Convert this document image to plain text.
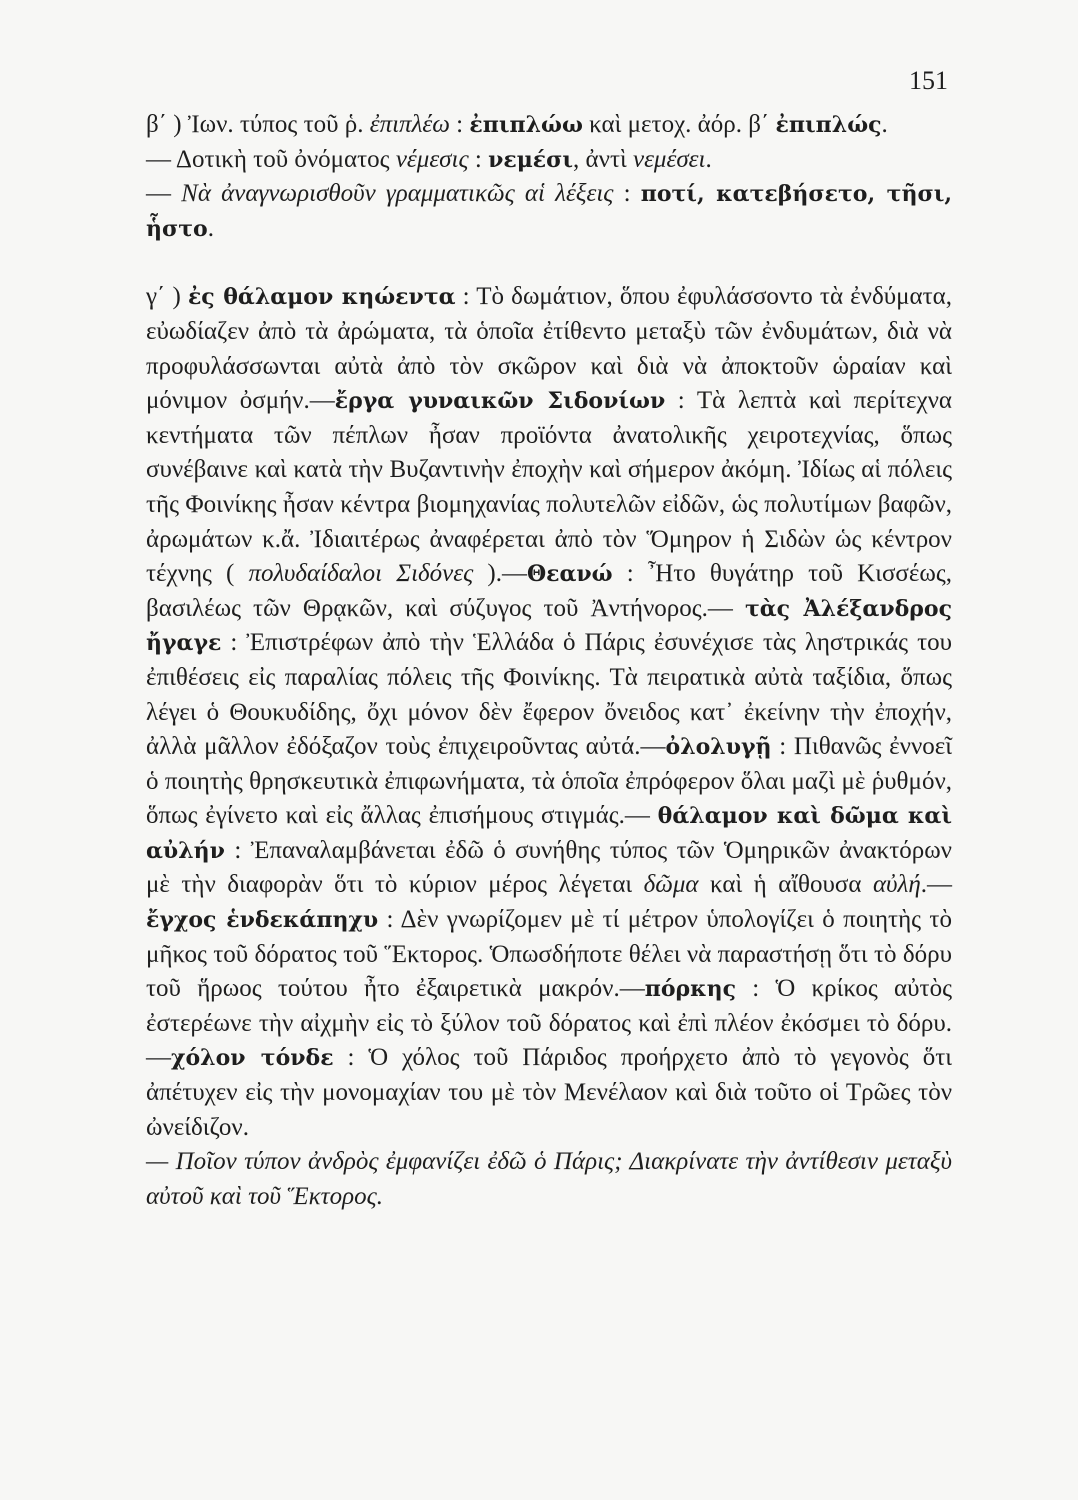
151

β΄ ) Ἰων. τύπος τοῦ ῥ. ἐπιπλέω : ἐπιπλώω καὶ μετοχ. ἀόρ. β΄ ἐπιπλώς.

— Δοτικὴ τοῦ ὀνόματος νέμεσις : νεμέσι, ἀντὶ νεμέσει.

— Νὰ ἀναγνωρισθοῦν γραμματικῶς αἱ λέξεις : ποτί, κατεβήσετο, τῆσι, ἧστο.

γ΄ ) ἐς θάλαμον κηώεντα : Τὸ δωμάτιον, ὅπου ἐφυλάσσοντο τὰ ἐνδύματα, εὐωδίαζεν ἀπὸ τὰ ἀρώματα, τὰ ὁποῖα ἐτίθεντο μεταξὺ τῶν ἐνδυμάτων, διὰ νὰ προφυλάσσωνται αὐτὰ ἀπὸ τὸν σκῶρον καὶ διὰ νὰ ἀποκτοῦν ὡραίαν καὶ μόνιμον ὀσμήν.—ἔργα γυναικῶν Σιδονίων : Τὰ λεπτὰ καὶ περίτεχνα κεντήματα τῶν πέπλων ἦσαν προϊόντα ἀνατολικῆς χειροτεχνίας, ὅπως συνέβαινε καὶ κατὰ τὴν Βυζαντινὴν ἐποχὴν καὶ σήμερον ἀκόμη. Ἰδίως αἱ πόλεις τῆς Φοινίκης ἦσαν κέντρα βιομηχανίας πολυτελῶν εἰδῶν, ὡς πολυτίμων βαφῶν, ἀρωμάτων κ.ἄ. Ἰδιαιτέρως ἀναφέρεται ἀπὸ τὸν Ὅμηρον ἡ Σιδὼν ὡς κέντρον τέχνης ( πολυδαίδαλοι Σιδόνες ).—Θεανώ : Ἦτο θυγάτηρ τοῦ Κισσέως, βασιλέως τῶν Θρᾳκῶν, καὶ σύζυγος τοῦ Ἀντήνορος.— τὰς Ἀλέξανδρος ἤγαγε : Ἐπιστρέφων ἀπὸ τὴν Ἑλλάδα ὁ Πάρις ἐσυνέχισε τὰς ληστρικάς του ἐπιθέσεις εἰς παραλίας πόλεις τῆς Φοινίκης. Τὰ πειρατικὰ αὐτὰ ταξίδια, ὅπως λέγει ὁ Θουκυδίδης, ὄχι μόνον δὲν ἔφερον ὄνειδος κατ᾽ ἐκείνην τὴν ἐποχήν, ἀλλὰ μᾶλλον ἐδόξαζον τοὺς ἐπιχειροῦντας αὐτά.—ὀλολυγῇ : Πιθανῶς ἐννοεῖ ὁ ποιητὴς θρησκευτικὰ ἐπιφωνήματα, τὰ ὁποῖα ἐπρόφερον ὅλαι μαζὶ μὲ ῥυθμόν, ὅπως ἐγίνετο καὶ εἰς ἄλλας ἐπισήμους στιγμάς.— θάλαμον καὶ δῶμα καὶ αὐλήν : Ἐπαναλαμβάνεται ἐδῶ ὁ συνήθης τύπος τῶν Ὁμηρικῶν ἀνακτόρων μὲ τὴν διαφορὰν ὅτι τὸ κύριον μέρος λέγεται δῶμα καὶ ἡ αἴθουσα αὐλή.—ἔγχος ἑνδεκάπηχυ : Δὲν γνωρίζομεν μὲ τί μέτρον ὑπολογίζει ὁ ποιητὴς τὸ μῆκος τοῦ δόρατος τοῦ Ἕκτορος. Ὁπωσδήποτε θέλει νὰ παραστήσῃ ὅτι τὸ δόρυ τοῦ ἥρωος τούτου ἦτο ἐξαιρετικὰ μακρόν.—πόρκης : Ὁ κρίκος αὐτὸς ἐστερέωνε τὴν αἰχμὴν εἰς τὸ ξύλον τοῦ δόρατος καὶ ἐπὶ πλέον ἐκόσμει τὸ δόρυ.—χόλον τόνδε : Ὁ χόλος τοῦ Πάριδος προήρχετο ἀπὸ τὸ γεγονὸς ὅτι ἀπέτυχεν εἰς τὴν μονομαχίαν του μὲ τὸν Μενέλαον καὶ διὰ τοῦτο οἱ Τρῶες τὸν ὠνείδιζον.

— Ποῖον τύπον ἀνδρὸς ἐμφανίζει ἐδῶ ὁ Πάρις; Διακρίνατε τὴν ἀντίθεσιν μεταξὺ αὐτοῦ καὶ τοῦ Ἕκτορος.
